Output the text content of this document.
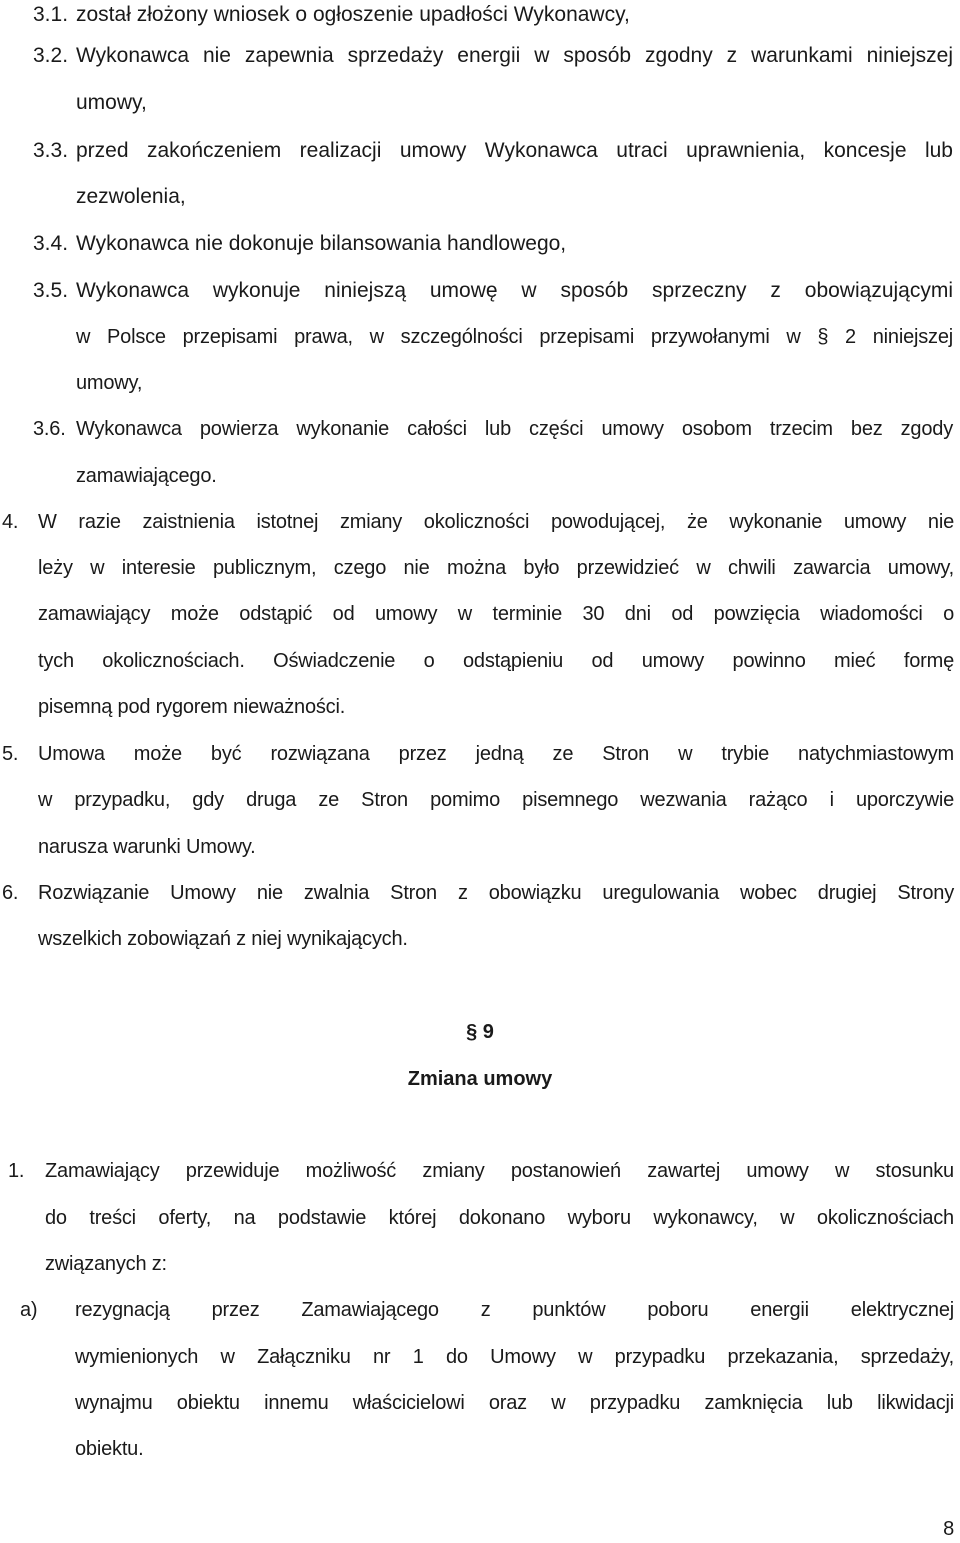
3.1. został złożony wniosek o ogłoszenie upadłości Wykonawcy,
3.2. Wykonawca nie zapewnia sprzedaży energii w sposób zgodny z warunkami niniejszej
umowy,
3.3. przed zakończeniem realizacji umowy Wykonawca utraci uprawnienia, koncesje lub
zezwolenia,
3.4. Wykonawca nie dokonuje bilansowania handlowego,
3.5. Wykonawca wykonuje niniejszą umowę w sposób sprzeczny z obowiązującymi
w Polsce przepisami prawa, w szczególności przepisami przywołanymi w § 2 niniejszej
umowy,
3.6. Wykonawca powierza wykonanie całości lub części umowy osobom trzecim bez zgody
zamawiającego.
4. W razie zaistnienia istotnej zmiany okoliczności powodującej, że wykonanie umowy nie
leży w interesie publicznym, czego nie można było przewidzieć w chwili zawarcia umowy,
zamawiający może odstąpić od umowy w terminie 30 dni od powzięcia wiadomości o
tych okolicznościach. Oświadczenie o odstąpieniu od umowy powinno mieć formę
pisemną pod rygorem nieważności.
5. Umowa może być rozwiązana przez jedną ze Stron w trybie natychmiastowym
w przypadku, gdy druga ze Stron pomimo pisemnego wezwania rażąco i uporczywie
narusza warunki Umowy.
6. Rozwiązanie Umowy nie zwalnia Stron z obowiązku uregulowania wobec drugiej Strony
wszelkich zobowiązań z niej wynikających.
§ 9
Zmiana umowy
1. Zamawiający przewiduje możliwość zmiany postanowień zawartej umowy w stosunku
do treści oferty, na podstawie której dokonano wyboru wykonawcy, w okolicznościach
związanych z:
a) rezygnacją przez Zamawiającego z punktów poboru energii elektrycznej
wymienionych w Załączniku nr 1 do Umowy w przypadku przekazania, sprzedaży,
wynajmu obiektu innemu właścicielowi oraz w przypadku zamknięcia lub likwidacji
obiektu.
8
